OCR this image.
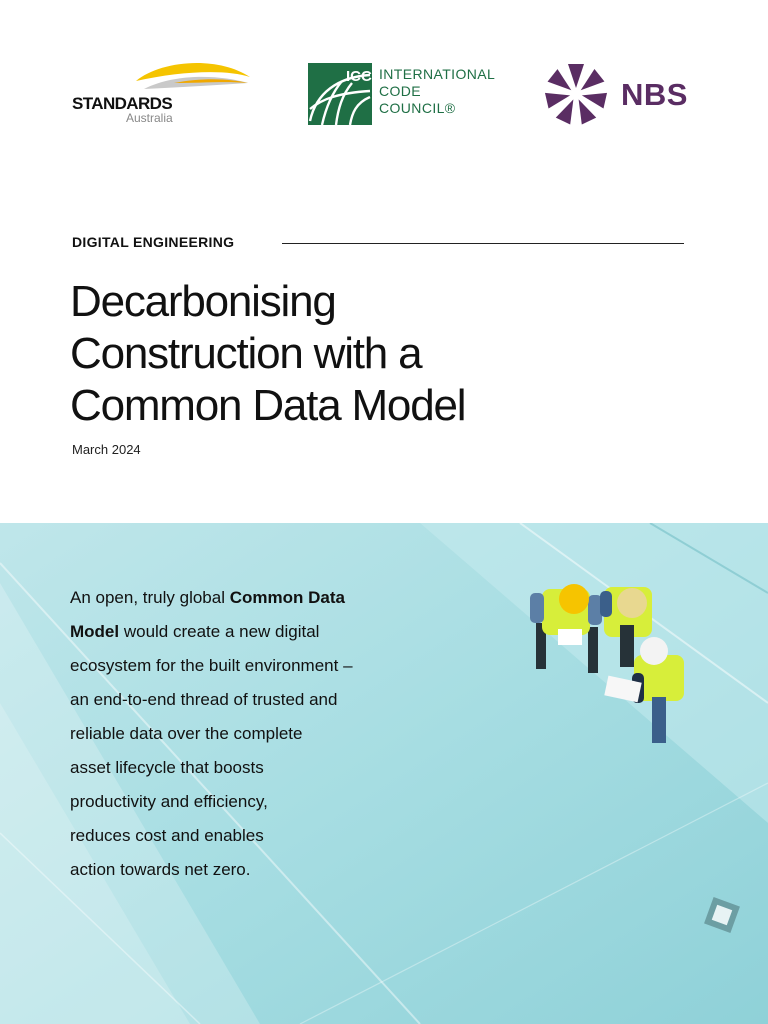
STANDARDS
Australia
ICC INTERNATIONAL
CODE
COUNCIL®	NBS
DIGITAL ENGINEERING
Decarbonising
Construction with a
Common Data Model
March 2024

An open, truly global Common Data
Model would create a new digital
ecosystem for the built environment –
an end-to-end thread of trusted and
reliable data over the complete
asset lifecycle that boosts
productivity and efficiency,
reduces cost and enables
action towards net zero.
